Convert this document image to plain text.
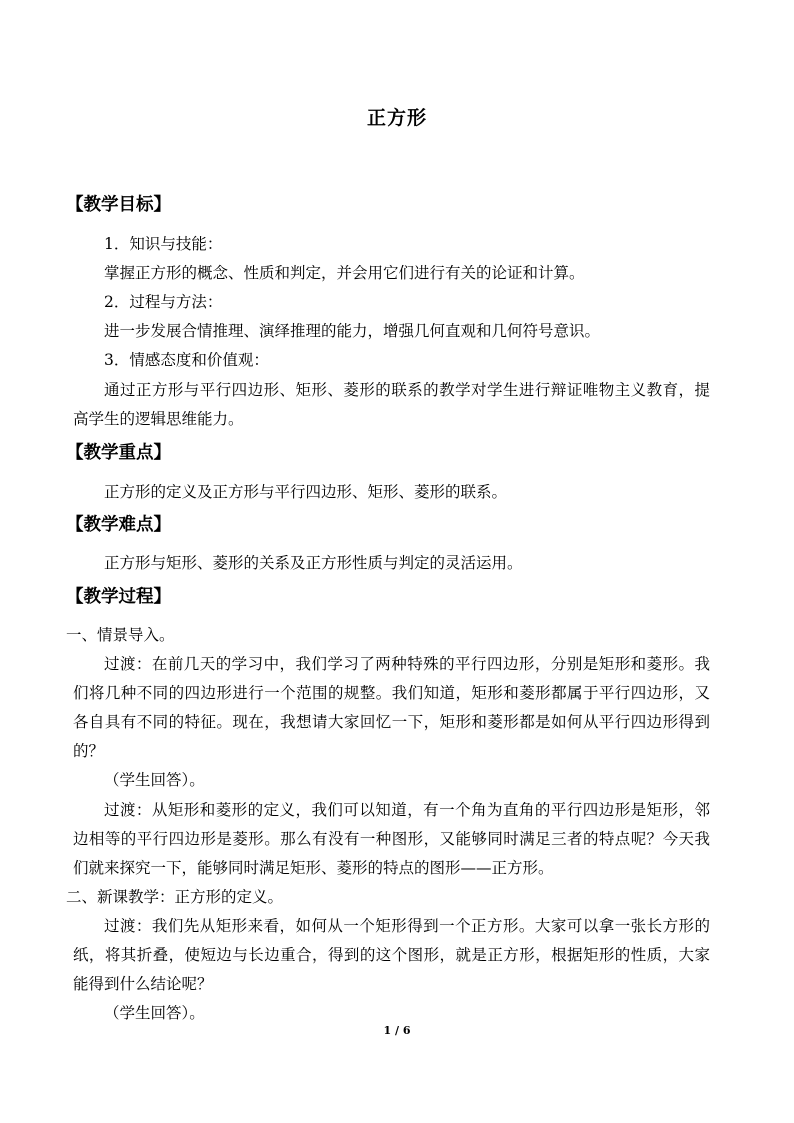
正方形
【教学目标】
1．知识与技能：
掌握正方形的概念、性质和判定，并会用它们进行有关的论证和计算。
2．过程与方法：
进一步发展合情推理、演绎推理的能力，增强几何直观和几何符号意识。
3．情感态度和价值观：
通过正方形与平行四边形、矩形、菱形的联系的教学对学生进行辩证唯物主义教育，提
高学生的逻辑思维能力。
【教学重点】
正方形的定义及正方形与平行四边形、矩形、菱形的联系。
【教学难点】
正方形与矩形、菱形的关系及正方形性质与判定的灵活运用。
【教学过程】
一、情景导入。
过渡：在前几天的学习中，我们学习了两种特殊的平行四边形，分别是矩形和菱形。我
们将几种不同的四边形进行一个范围的规整。我们知道，矩形和菱形都属于平行四边形，又
各自具有不同的特征。现在，我想请大家回忆一下，矩形和菱形都是如何从平行四边形得到
的？
（学生回答）。
过渡：从矩形和菱形的定义，我们可以知道，有一个角为直角的平行四边形是矩形，邻
边相等的平行四边形是菱形。那么有没有一种图形，又能够同时满足三者的特点呢？今天我
们就来探究一下，能够同时满足矩形、菱形的特点的图形——正方形。
二、新课教学：正方形的定义。
过渡：我们先从矩形来看，如何从一个矩形得到一个正方形。大家可以拿一张长方形的
纸，将其折叠，使短边与长边重合，得到的这个图形，就是正方形，根据矩形的性质，大家
能得到什么结论呢？
（学生回答）。
1 / 6
